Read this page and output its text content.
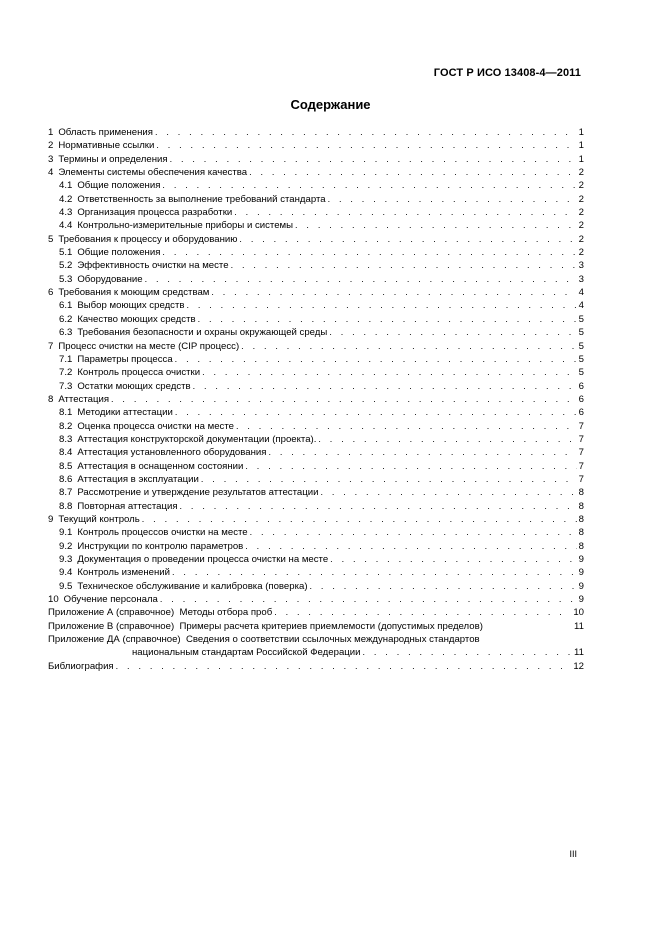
ГОСТ Р ИСО 13408-4—2011
Содержание
1 Область применения . . .	1
2 Нормативные ссылки . . .	1
3 Термины и определения . . .	1
4 Элементы системы обеспечения качества . . .	2
4.1 Общие положения . . .	2
4.2 Ответственность за выполнение требований стандарта . . .	2
4.3 Организация процесса разработки . . .	2
4.4 Контрольно-измерительные приборы и системы . . .	2
5 Требования к процессу и оборудованию . . .	2
5.1 Общие положения . . .	2
5.2 Эффективность очистки на месте . . .	3
5.3 Оборудование . . .	3
6 Требования к моющим средствам . . .	4
6.1 Выбор моющих средств . . .	4
6.2 Качество моющих средств . . .	5
6.3 Требования безопасности и охраны окружающей среды . . .	5
7 Процесс очистки на месте (CIP процесс) . . .	5
7.1 Параметры процесса . . .	5
7.2 Контроль процесса очистки . . .	5
7.3 Остатки моющих средств . . .	6
8 Аттестация . . .	6
8.1 Методики аттестации . . .	6
8.2 Оценка процесса очистки на месте . . .	7
8.3 Аттестация конструкторской документации (проекта). . . .	7
8.4 Аттестация установленного оборудования . . .	7
8.5 Аттестация в оснащенном состоянии . . .	7
8.6 Аттестация в эксплуатации . . .	7
8.7 Рассмотрение и утверждение результатов аттестации . . .	8
8.8 Повторная аттестация . . .	8
9 Текущий контроль . . .	8
9.1 Контроль процессов очистки на месте . . .	8
9.2 Инструкции по контролю параметров . . .	8
9.3 Документация о проведении процесса очистки на месте . . .	9
9.4 Контроль изменений . . .	9
9.5 Техническое обслуживание и калибровка (поверка) . . .	9
10 Обучение персонала . . .	9
Приложение А (справочное)
Методы отбора проб . . .	10
Приложение В (справочное)
Примеры расчета критериев приемлемости (допустимых пределов)	11
Приложение ДА (справочное)
Сведения о соответствии ссылочных международных стандартов
национальным стандартам Российской Федерации . . .	11
Библиография . . .	12
III
